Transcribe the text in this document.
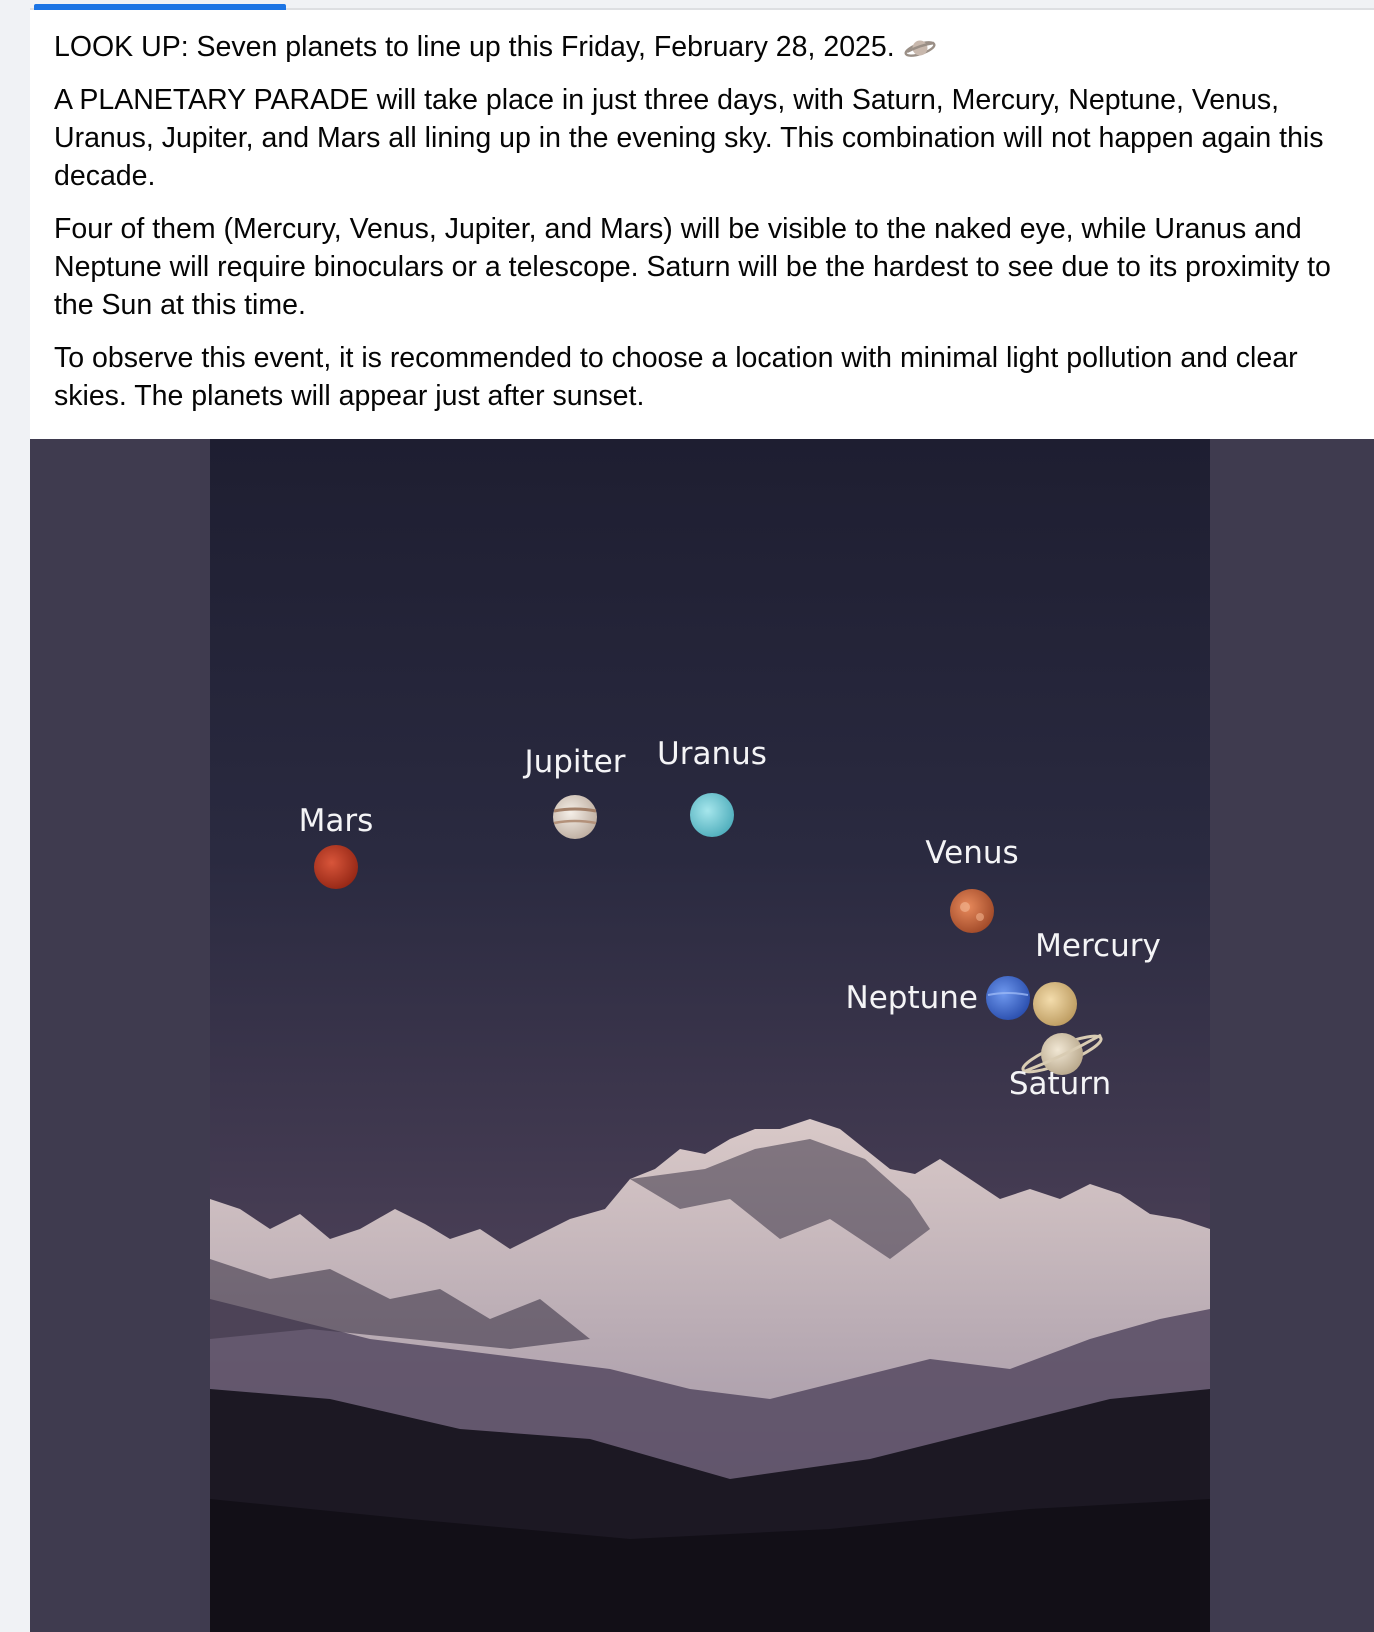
LOOK UP: Seven planets to line up this Friday, February 28, 2025.

A PLANETARY PARADE will take place in just three days, with Saturn, Mercury, Neptune, Venus, Uranus, Jupiter, and Mars all lining up in the evening sky. This combination will not happen again this decade.

Four of them (Mercury, Venus, Jupiter, and Mars) will be visible to the naked eye, while Uranus and Neptune will require binoculars or a telescope. Saturn will be the hardest to see due to its proximity to the Sun at this time.

To observe this event, it is recommended to choose a location with minimal light pollution and clear skies. The planets will appear just after sunset.

Mars
Jupiter Uranus
Venus
Mercury
Neptune
Saturn
